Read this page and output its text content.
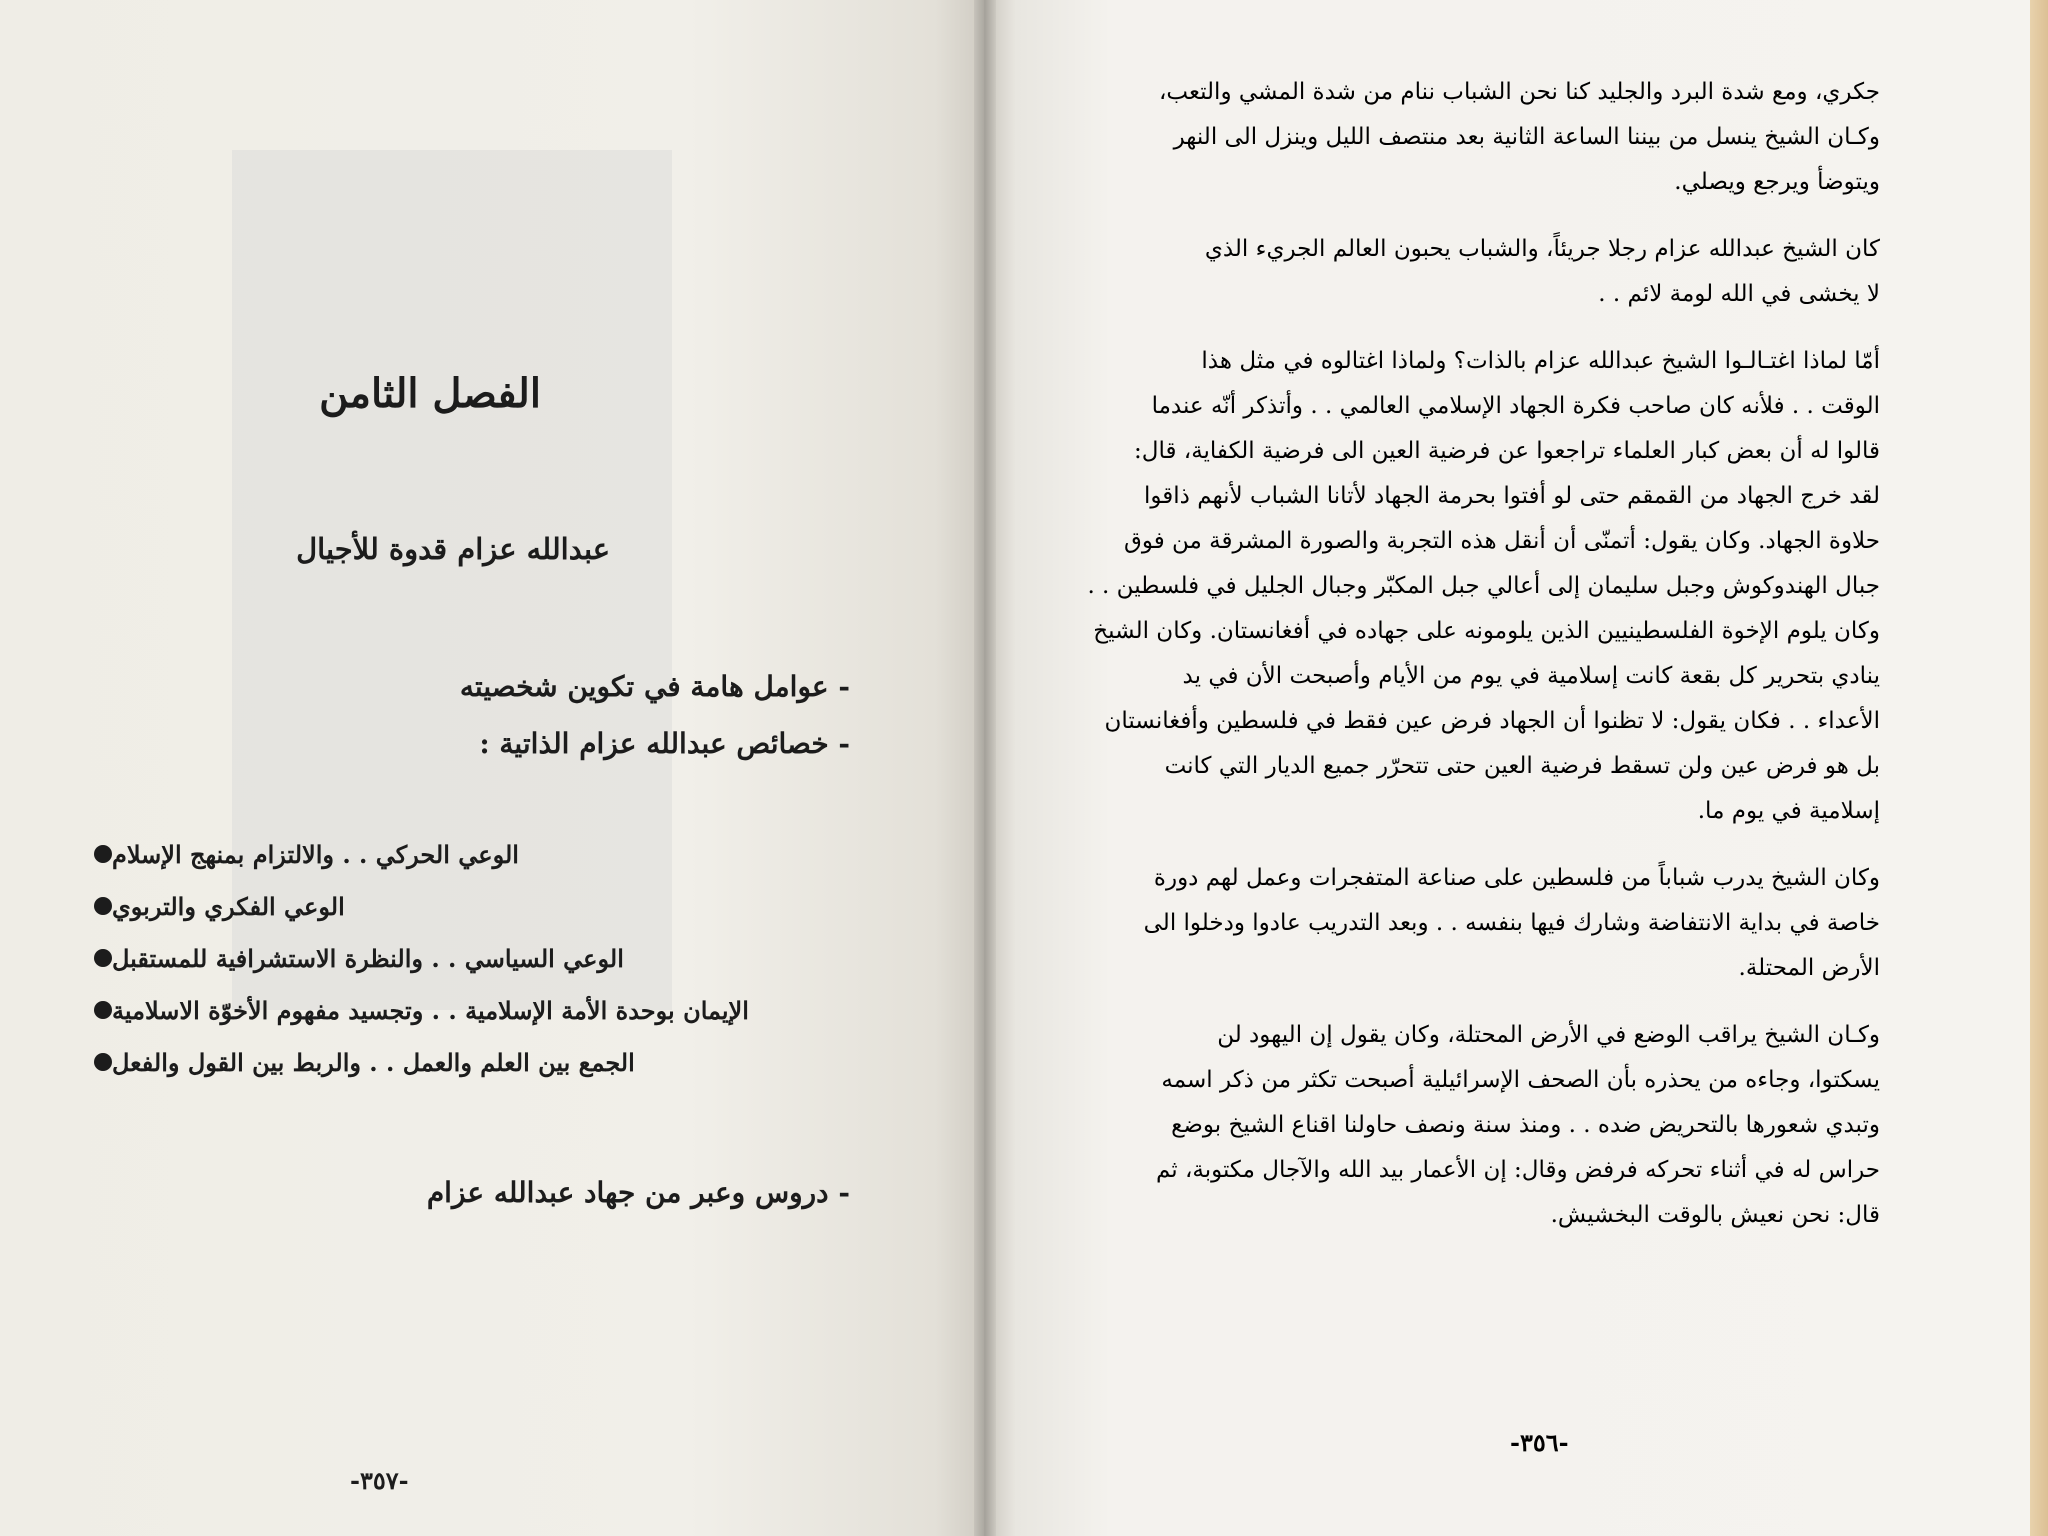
الفصل الثامن
عبدالله عزام قدوة للأجيال
- عوامل هامة في تكوين شخصيته
- خصائص عبدالله عزام الذاتية :
الوعي الحركي . . والالتزام بمنهج الإسلام
الوعي الفكري والتربوي
الوعي السياسي . . والنظرة الاستشرافية للمستقبل
الإيمان بوحدة الأمة الإسلامية . . وتجسيد مفهوم الأخوّة الاسلامية
الجمع بين العلم والعمل . . والربط بين القول والفعل
- دروس وعبر من جهاد عبدالله عزام
-٣٥٧-

جكري، ومع شدة البرد والجليد كنا نحن الشباب ننام من شدة المشي والتعب،
وكـان الشيخ ينسل من بيننا الساعة الثانية بعد منتصف الليل وينزل الى النهر
ويتوضأ ويرجع ويصلي.

كان الشيخ عبدالله عزام رجلا جريئاً، والشباب يحبون العالم الجريء الذي
لا يخشى في الله لومة لائم . .

أمّا لماذا اغتـالـوا الشيخ عبدالله عزام بالذات؟ ولماذا اغتالوه في مثل هذا
الوقت . . فلأنه كان صاحب فكرة الجهاد الإسلامي العالمي . . وأتذكر أنّه عندما
قالوا له أن بعض كبار العلماء تراجعوا عن فرضية العين الى فرضية الكفاية، قال:
لقد خرج الجهاد من القمقم حتى لو أفتوا بحرمة الجهاد لأتانا الشباب لأنهم ذاقوا
حلاوة الجهاد. وكان يقول: أتمنّى أن أنقل هذه التجربة والصورة المشرقة من فوق
جبال الهندوكوش وجبل سليمان إلى أعالي جبل المكبّر وجبال الجليل في فلسطين . .
وكان يلوم الإخوة الفلسطينيين الذين يلومونه على جهاده في أفغانستان. وكان الشيخ
ينادي بتحرير كل بقعة كانت إسلامية في يوم من الأيام وأصبحت الأن في يد
الأعداء . . فكان يقول: لا تظنوا أن الجهاد فرض عين فقط في فلسطين وأفغانستان
بل هو فرض عين ولن تسقط فرضية العين حتى تتحرّر جميع الديار التي كانت
إسلامية في يوم ما.

وكان الشيخ يدرب شباباً من فلسطين على صناعة المتفجرات وعمل لهم دورة
خاصة في بداية الانتفاضة وشارك فيها بنفسه . . وبعد التدريب عادوا ودخلوا الى
الأرض المحتلة.

وكـان الشيخ يراقب الوضع في الأرض المحتلة، وكان يقول إن اليهود لن
يسكتوا، وجاءه من يحذره بأن الصحف الإسرائيلية أصبحت تكثر من ذكر اسمه
وتبدي شعورها بالتحريض ضده . . ومنذ سنة ونصف حاولنا اقناع الشيخ بوضع
حراس له في أثناء تحركه فرفض وقال: إن الأعمار بيد الله والآجال مكتوبة، ثم
قال: نحن نعيش بالوقت البخشيش.

-٣٥٦-
